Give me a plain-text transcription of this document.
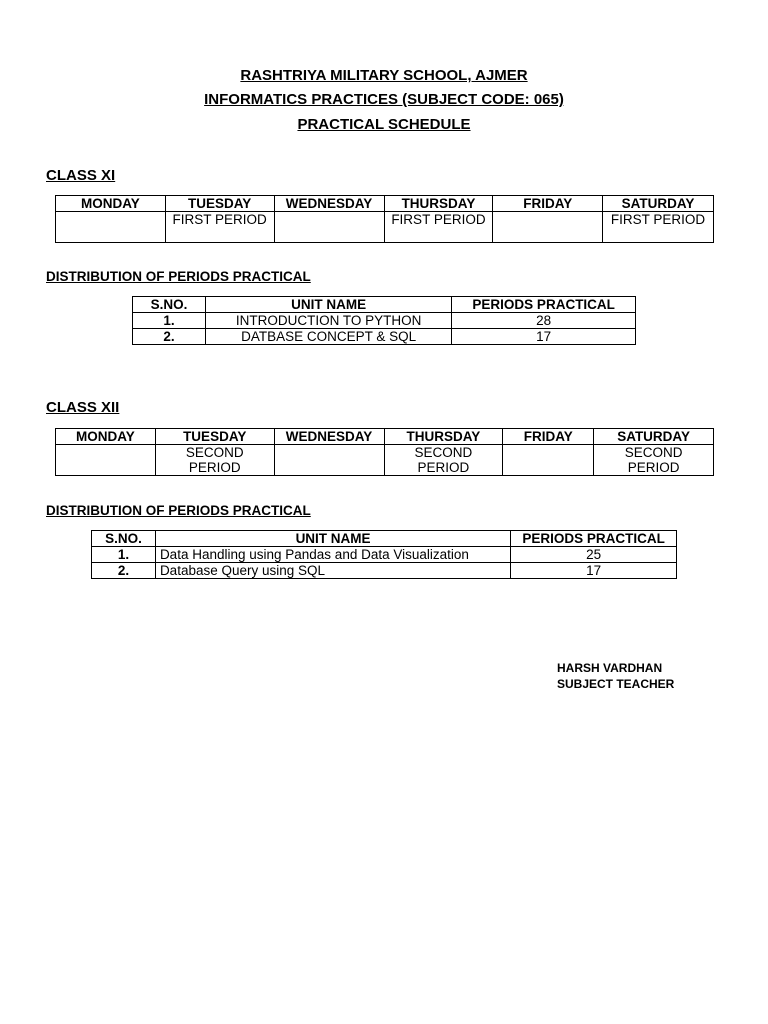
RASHTRIYA MILITARY SCHOOL, AJMER
INFORMATICS PRACTICES (SUBJECT CODE: 065)
PRACTICAL SCHEDULE
CLASS XI
MONDAY	TUESDAY	WEDNESDAY	THURSDAY	FRIDAY	SATURDAY
	FIRST PERIOD		FIRST PERIOD		FIRST PERIOD
DISTRIBUTION OF PERIODS PRACTICAL
S.NO.	UNIT NAME	PERIODS PRACTICAL
1.	INTRODUCTION TO PYTHON	28
2.	DATBASE CONCEPT & SQL	17
CLASS XII
MONDAY	TUESDAY	WEDNESDAY	THURSDAY	FRIDAY	SATURDAY
	SECOND PERIOD		SECOND PERIOD		SECOND PERIOD
DISTRIBUTION OF PERIODS PRACTICAL
S.NO.	UNIT NAME	PERIODS PRACTICAL
1.	Data Handling using Pandas and Data Visualization	25
2.	Database Query using SQL	17
HARSH VARDHAN
SUBJECT TEACHER
